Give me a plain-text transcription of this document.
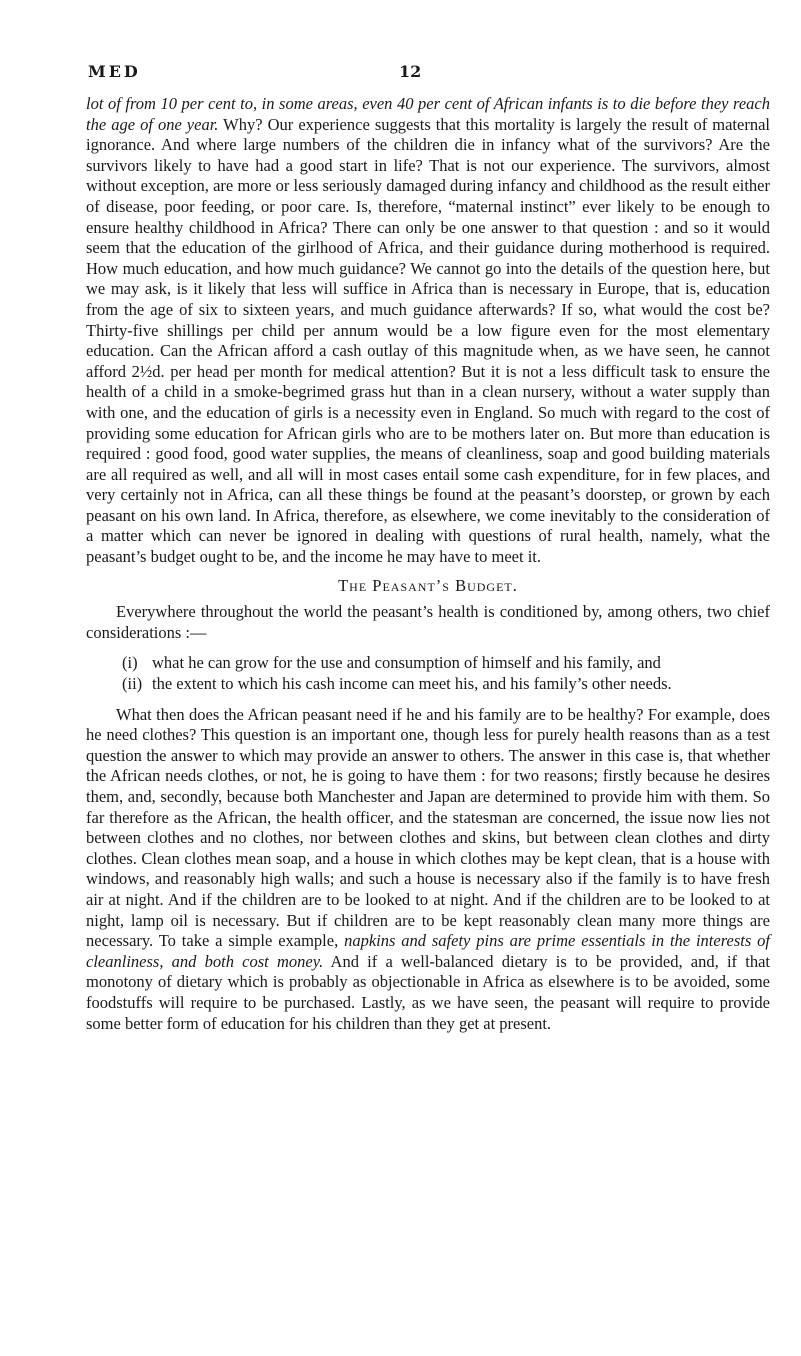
MED	12

lot of from 10 per cent to, in some areas, even 40 per cent of African infants is to die before they reach the age of one year. Why? Our experience suggests that this mortality is largely the result of maternal ignorance. And where large numbers of the children die in infancy what of the survivors? Are the survivors likely to have had a good start in life? That is not our experience. The survivors, almost without exception, are more or less seriously damaged during infancy and childhood as the result either of disease, poor feeding, or poor care. Is, therefore, “maternal instinct” ever likely to be enough to ensure healthy childhood in Africa? There can only be one answer to that question : and so it would seem that the education of the girlhood of Africa, and their guidance during motherhood is required. How much education, and how much guidance? We cannot go into the details of the question here, but we may ask, is it likely that less will suffice in Africa than is necessary in Europe, that is, education from the age of six to sixteen years, and much guidance afterwards? If so, what would the cost be? Thirty-five shillings per child per annum would be a low figure even for the most elementary education. Can the African afford a cash outlay of this magnitude when, as we have seen, he cannot afford 2½d. per head per month for medical attention? But it is not a less difficult task to ensure the health of a child in a smoke-begrimed grass hut than in a clean nursery, without a water supply than with one, and the education of girls is a necessity even in England. So much with regard to the cost of providing some education for African girls who are to be mothers later on. But more than education is required : good food, good water supplies, the means of cleanliness, soap and good building materials are all required as well, and all will in most cases entail some cash expenditure, for in few places, and very certainly not in Africa, can all these things be found at the peasant’s doorstep, or grown by each peasant on his own land. In Africa, therefore, as elsewhere, we come inevitably to the consideration of a matter which can never be ignored in dealing with questions of rural health, namely, what the peasant’s budget ought to be, and the income he may have to meet it.

The Peasant’s Budget.

Everywhere throughout the world the peasant’s health is conditioned by, among others, two chief considerations :—

(i) what he can grow for the use and consumption of himself and his family, and
(ii) the extent to which his cash income can meet his, and his family’s other needs.

What then does the African peasant need if he and his family are to be healthy? For example, does he need clothes? This question is an important one, though less for purely health reasons than as a test question the answer to which may provide an answer to others. The answer in this case is, that whether the African needs clothes, or not, he is going to have them : for two reasons; firstly because he desires them, and, secondly, because both Manchester and Japan are determined to provide him with them. So far therefore as the African, the health officer, and the statesman are concerned, the issue now lies not between clothes and no clothes, nor between clothes and skins, but between clean clothes and dirty clothes. Clean clothes mean soap, and a house in which clothes may be kept clean, that is a house with windows, and reasonably high walls; and such a house is necessary also if the family is to have fresh air at night. And if the children are to be looked to at night. And if the children are to be looked to at night, lamp oil is necessary. But if children are to be kept reasonably clean many more things are necessary. To take a simple example, napkins and safety pins are prime essentials in the interests of cleanliness, and both cost money. And if a well-balanced dietary is to be provided, and, if that monotony of dietary which is probably as objectionable in Africa as elsewhere is to be avoided, some foodstuffs will require to be purchased. Lastly, as we have seen, the peasant will require to provide some better form of education for his children than they get at present.
